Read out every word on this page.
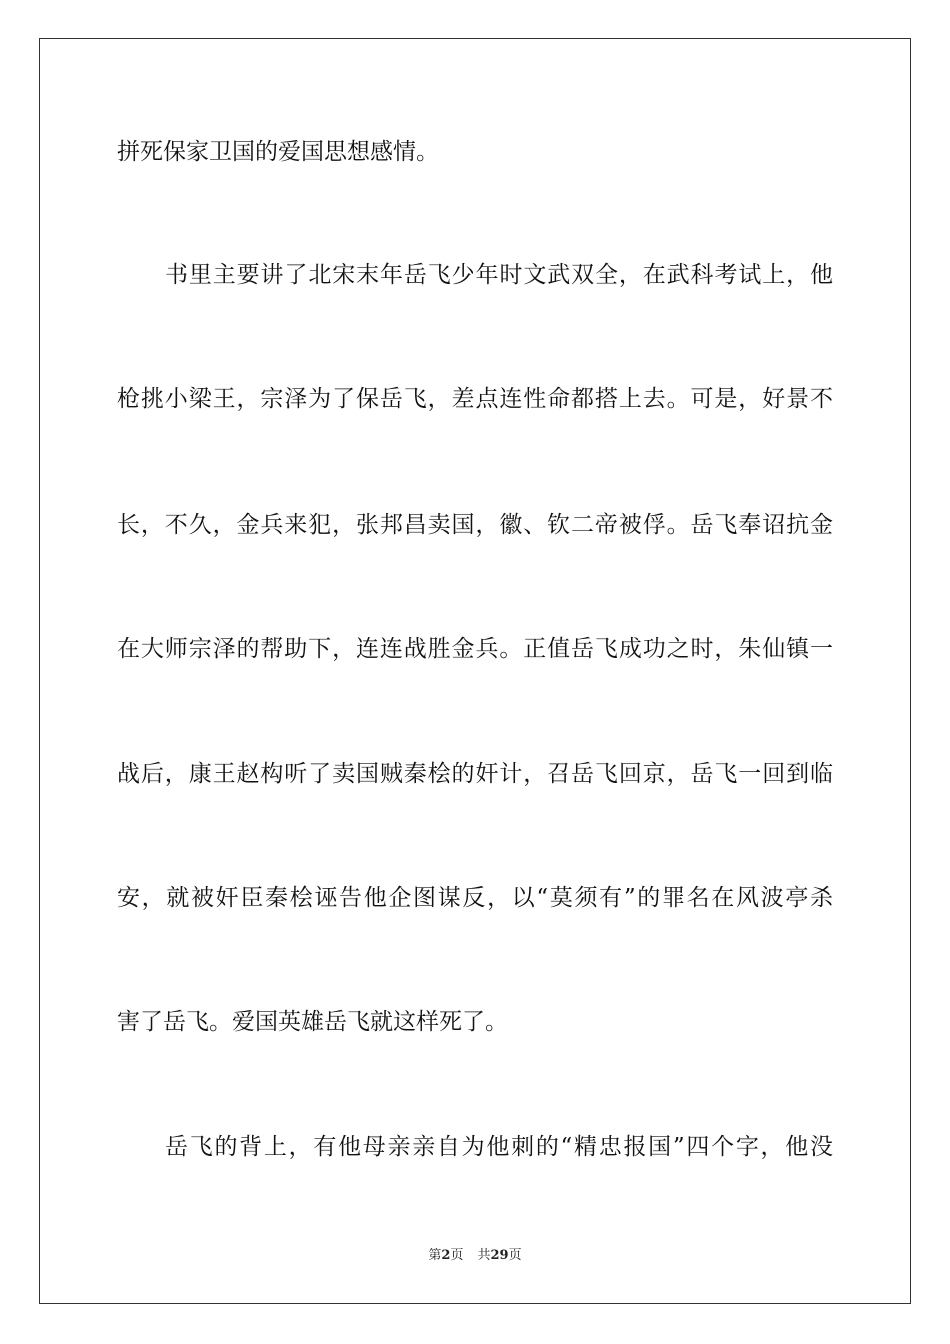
拼死保家卫国的爱国思想感情。
书里主要讲了北宋末年岳飞少年时文武双全，在武科考试上，他
枪挑小梁王，宗泽为了保岳飞，差点连性命都搭上去。可是，好景不
长，不久，金兵来犯，张邦昌卖国，徽、钦二帝被俘。岳飞奉诏抗金
在大师宗泽的帮助下，连连战胜金兵。正值岳飞成功之时，朱仙镇一
战后，康王赵构听了卖国贼秦桧的奸计，召岳飞回京，岳飞一回到临
安，就被奸臣秦桧诬告他企图谋反，以“莫须有”的罪名在风波亭杀
害了岳飞。爱国英雄岳飞就这样死了。
岳飞的背上，有他母亲亲自为他刺的“精忠报国”四个字，他没
第2页 共29页
